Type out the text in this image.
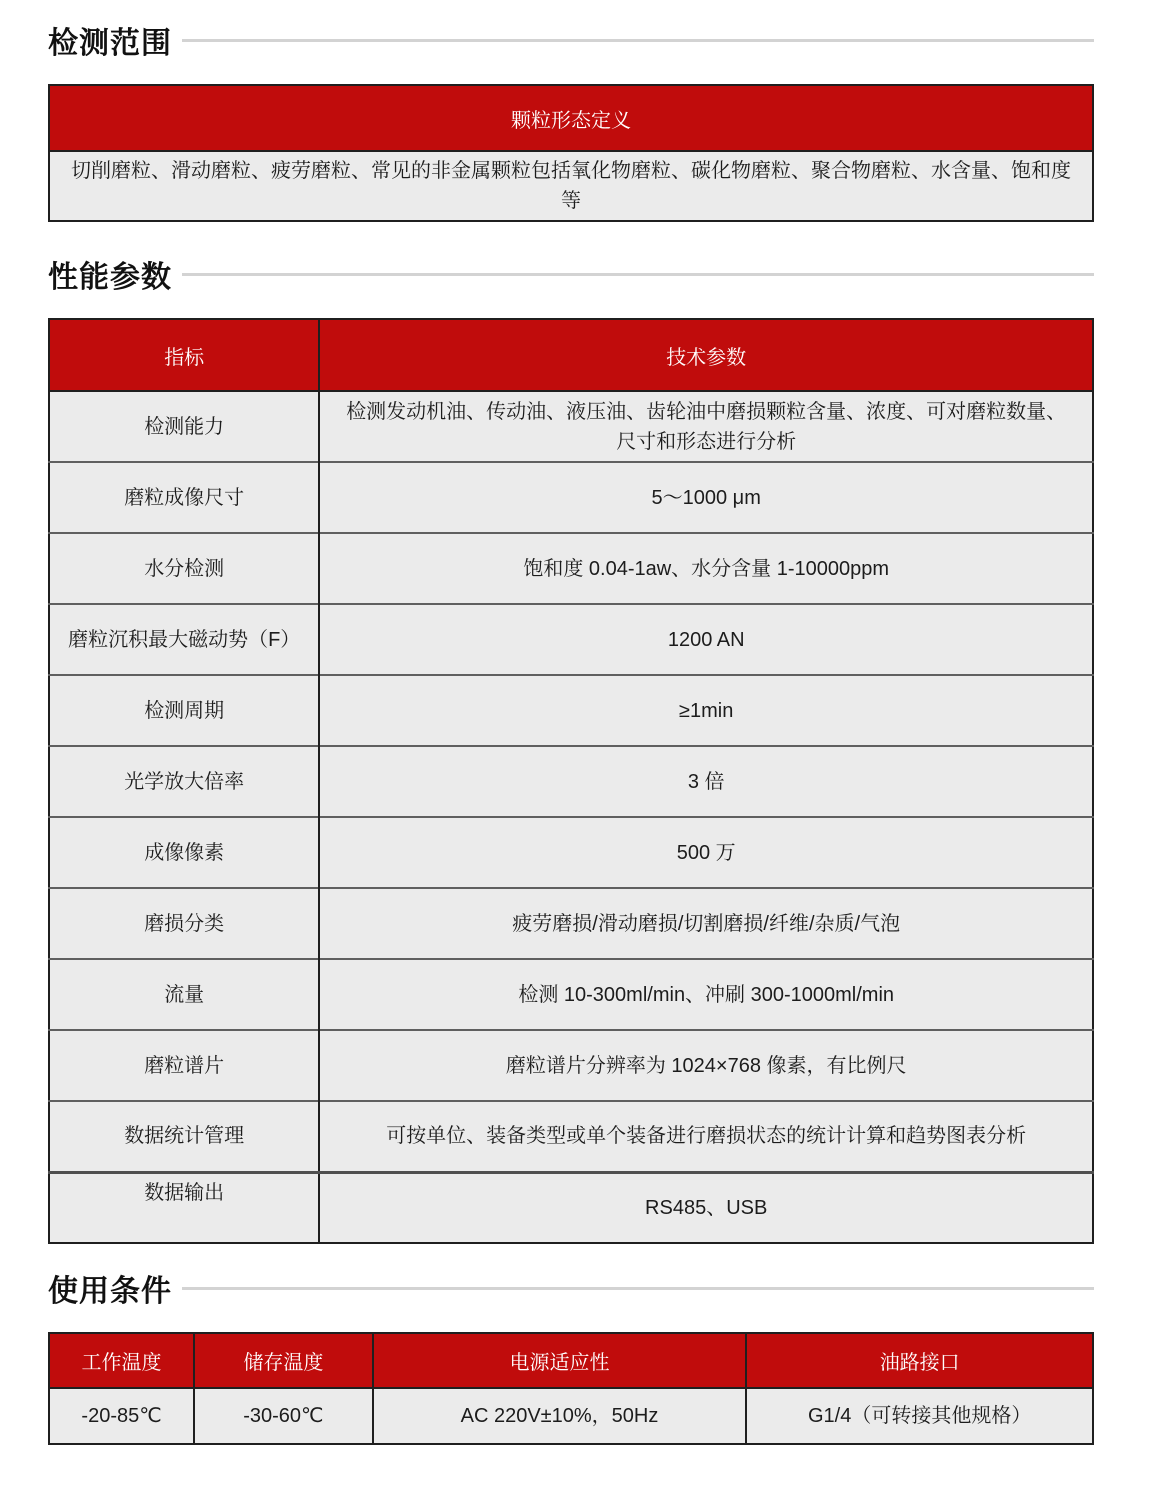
检测范围
颗粒形态定义
切削磨粒、滑动磨粒、疲劳磨粒、常见的非金属颗粒包括氧化物磨粒、碳化物磨粒、聚合物磨粒、水含量、饱和度等
性能参数
指标	技术参数
检测能力	检测发动机油、传动油、液压油、齿轮油中磨损颗粒含量、浓度、可对磨粒数量、尺寸和形态进行分析
磨粒成像尺寸	5～1000 μm
水分检测	饱和度 0.04-1aw、水分含量 1-10000ppm
磨粒沉积最大磁动势（F）	1200 AN
检测周期	≥1min
光学放大倍率	3 倍
成像像素	500 万
磨损分类	疲劳磨损/滑动磨损/切割磨损/纤维/杂质/气泡
流量	检测 10-300ml/min、冲刷 300-1000ml/min
磨粒谱片	磨粒谱片分辨率为 1024×768 像素，有比例尺
数据统计管理	可按单位、装备类型或单个装备进行磨损状态的统计计算和趋势图表分析
数据输出	RS485、USB
使用条件
工作温度	储存温度	电源适应性	油路接口
-20-85℃	-30-60℃	AC 220V±10%，50Hz	G1/4（可转接其他规格）
